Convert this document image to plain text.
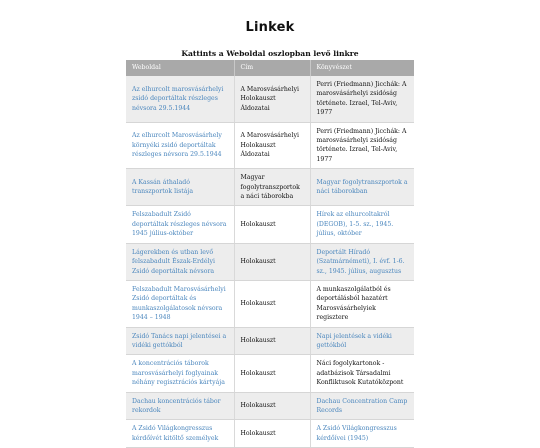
Linkek
Kattints a Weboldal oszlopban levő linkre
Weboldal	Cím	Könyvészet
Az elhurcolt marosvásárhelyi zsidó deportáltak részleges névsora 29.5.1944	A Marosvásárhelyi Holokauszt Áldozatai	Perri (Friedmann) Jicchák: A marosvásárhelyi zsidóság története. Izrael, Tel-Aviv, 1977
Az elhurcolt Marosvásárhely környéki zsidó deportáltak részleges névsora 29.5.1944	A Marosvásárhelyi Holokauszt Áldozatai	Perri (Friedmann) Jicchák: A marosvásárhelyi zsidóság története. Izrael, Tel-Aviv, 1977
A Kassán áthaladó transzportok listája	Magyar fogolytranszportok a náci táborokba	Magyar fogolytranszportok a náci táborokban
Felszabadult Zsidó deportáltak részleges névsora 1945 július-október	Holokauszt	Hírek az elhurcoltakról (DEGOB), 1-5. sz., 1945. július, október
Lágerekben és utban levő felszabadult Észak-Erdélyi Zsidó deportáltak névsora	Holokauszt	Deportált Híradó (Szatmárnémeti), I. évf. 1-6. sz., 1945. július, augusztus
Felszabadult Marosvásárhelyi Zsidó deportáltak és munkaszolgálatosok névsora 1944 – 1948	Holokauszt	A munkaszolgálatból és deportálásból hazatért Marosvásárhelyiek regisztere
Zsidó Tanács napi jelentései a vidéki gettókból	Holokauszt	Napi jelentések a vidéki gettókból
A koncentrációs táborok marosvásárhelyi foglyainak néhány regisztrációs kártyája	Holokauszt	Náci fogolykartonok - adatbázisok Társadalmi Konfliktusok Kutatóközpont
Dachau koncentrációs tábor rekordok	Holokauszt	Dachau Concentration Camp Records
A Zsidó Világkongresszus kérdőívét kitöltő személyek	Holokauszt	A Zsidó Világkongresszus kérdőívei (1945)
